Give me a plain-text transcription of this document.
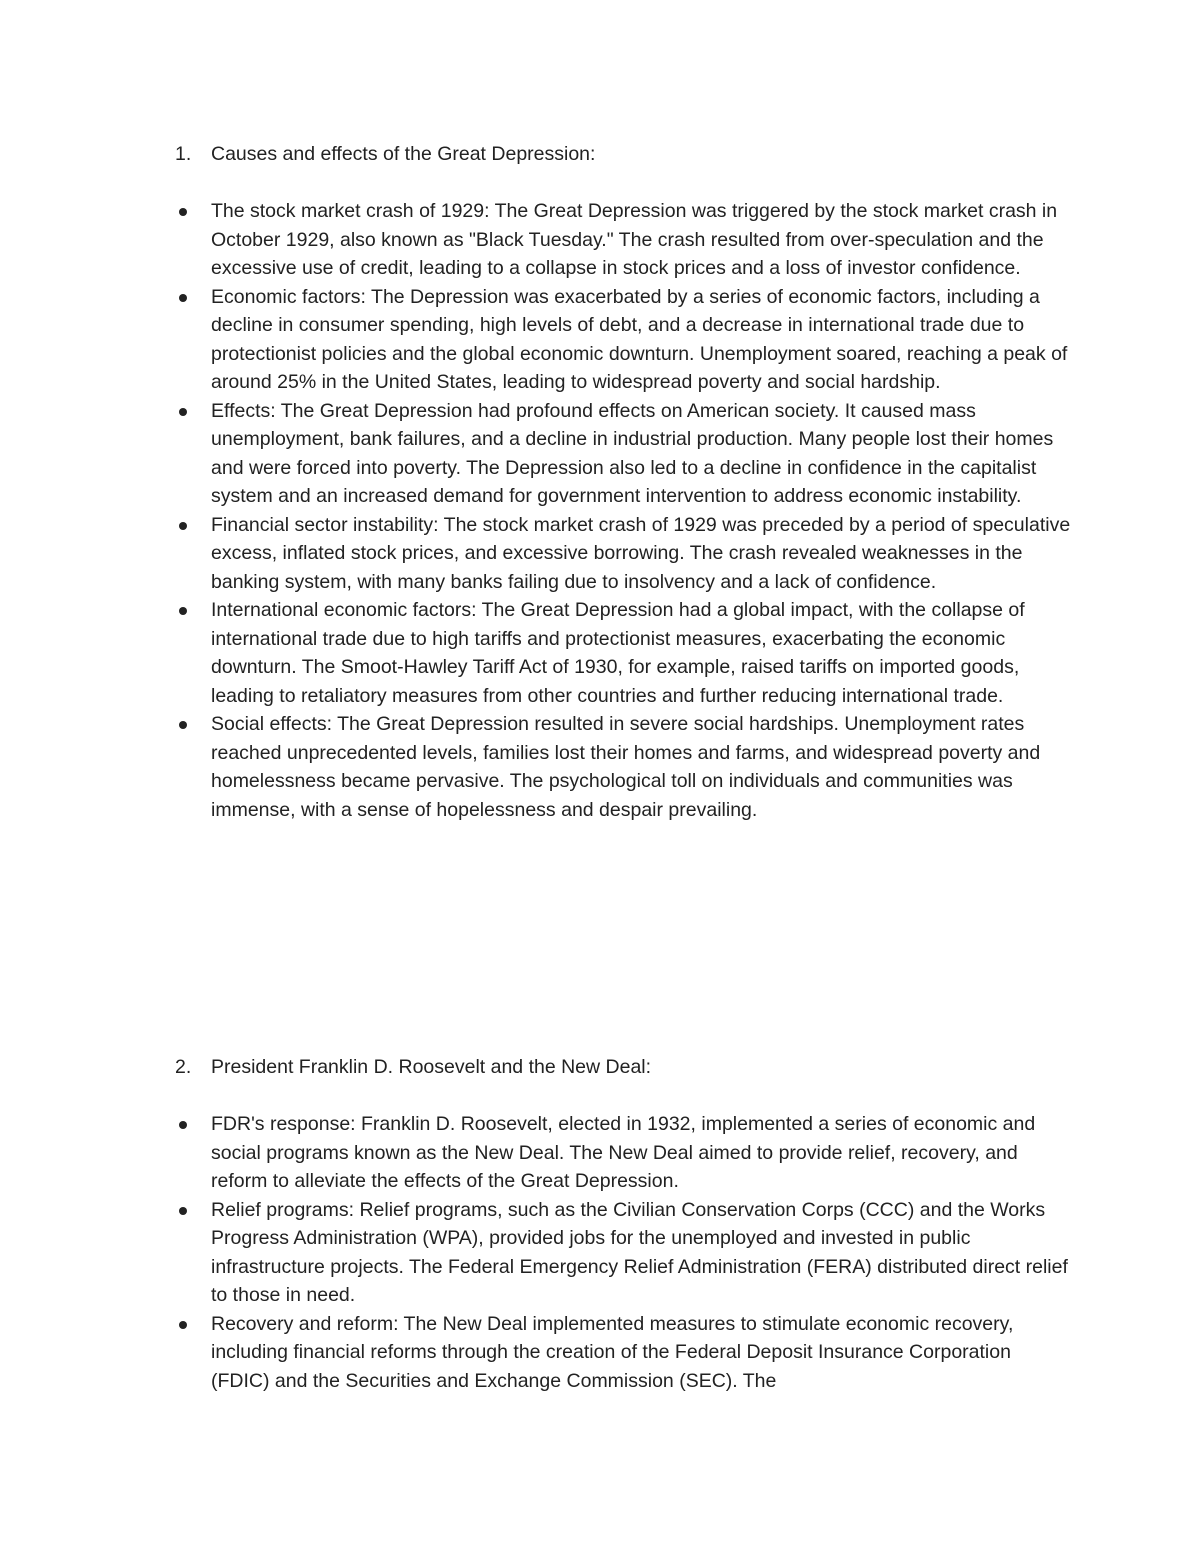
1. Causes and effects of the Great Depression:
The stock market crash of 1929: The Great Depression was triggered by the stock market crash in October 1929, also known as "Black Tuesday." The crash resulted from over-speculation and the excessive use of credit, leading to a collapse in stock prices and a loss of investor confidence.
Economic factors: The Depression was exacerbated by a series of economic factors, including a decline in consumer spending, high levels of debt, and a decrease in international trade due to protectionist policies and the global economic downturn. Unemployment soared, reaching a peak of around 25% in the United States, leading to widespread poverty and social hardship.
Effects: The Great Depression had profound effects on American society. It caused mass unemployment, bank failures, and a decline in industrial production. Many people lost their homes and were forced into poverty. The Depression also led to a decline in confidence in the capitalist system and an increased demand for government intervention to address economic instability.
Financial sector instability: The stock market crash of 1929 was preceded by a period of speculative excess, inflated stock prices, and excessive borrowing. The crash revealed weaknesses in the banking system, with many banks failing due to insolvency and a lack of confidence.
International economic factors: The Great Depression had a global impact, with the collapse of international trade due to high tariffs and protectionist measures, exacerbating the economic downturn. The Smoot-Hawley Tariff Act of 1930, for example, raised tariffs on imported goods, leading to retaliatory measures from other countries and further reducing international trade.
Social effects: The Great Depression resulted in severe social hardships. Unemployment rates reached unprecedented levels, families lost their homes and farms, and widespread poverty and homelessness became pervasive. The psychological toll on individuals and communities was immense, with a sense of hopelessness and despair prevailing.
2. President Franklin D. Roosevelt and the New Deal:
FDR's response: Franklin D. Roosevelt, elected in 1932, implemented a series of economic and social programs known as the New Deal. The New Deal aimed to provide relief, recovery, and reform to alleviate the effects of the Great Depression.
Relief programs: Relief programs, such as the Civilian Conservation Corps (CCC) and the Works Progress Administration (WPA), provided jobs for the unemployed and invested in public infrastructure projects. The Federal Emergency Relief Administration (FERA) distributed direct relief to those in need.
Recovery and reform: The New Deal implemented measures to stimulate economic recovery, including financial reforms through the creation of the Federal Deposit Insurance Corporation (FDIC) and the Securities and Exchange Commission (SEC). The
